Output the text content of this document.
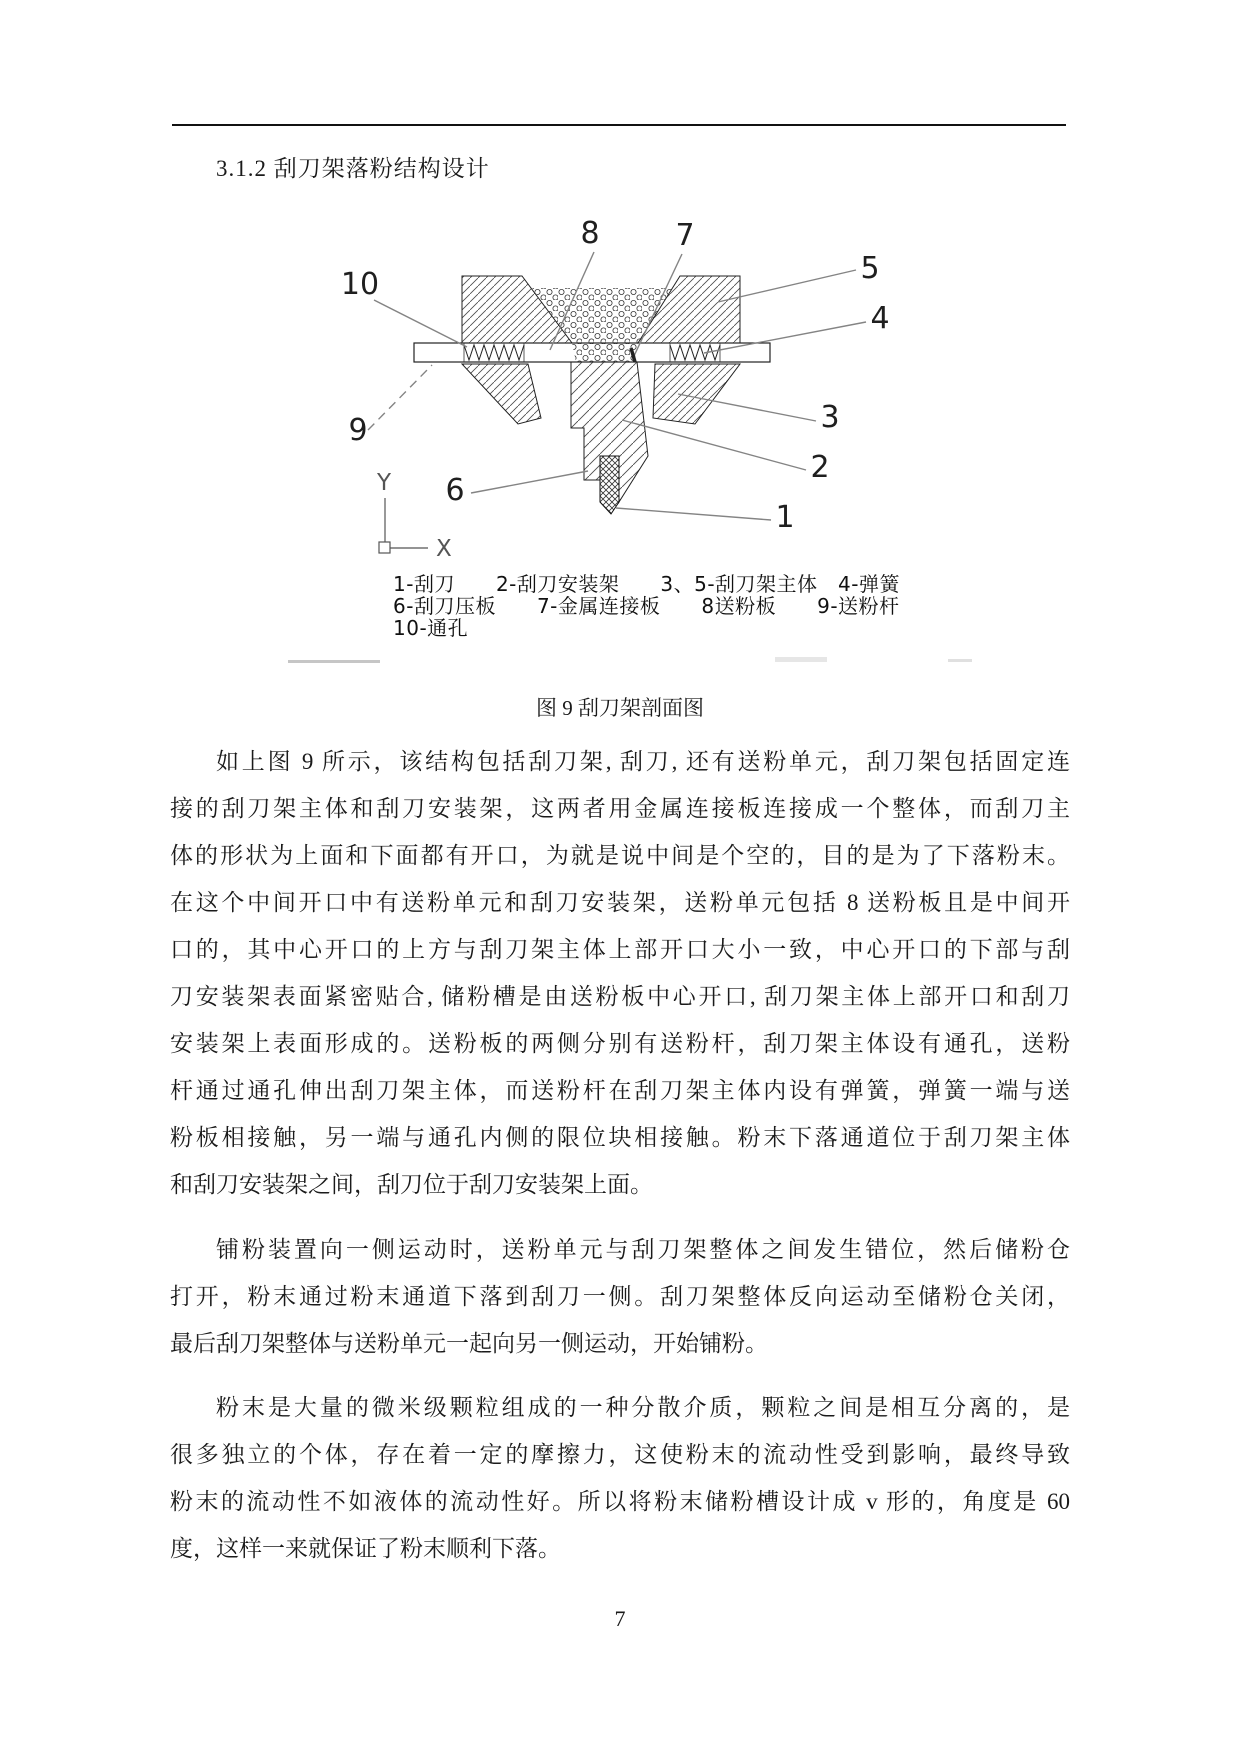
3.1.2 刮刀架落粉结构设计
8	7
5
4
3
2
1
6
9
10
Y
X
1-刮刀　　2-刮刀安装架　　3、5-刮刀架主体　4-弹簧
6-刮刀压板　　7-金属连接板　　8送粉板　　9-送粉杆
10-通孔
图 9 刮刀架剖面图
如上图 9 所示，该结构包括刮刀架, 刮刀, 还有送粉单元，刮刀架包括固定连
接的刮刀架主体和刮刀安装架，这两者用金属连接板连接成一个整体，而刮刀主
体的形状为上面和下面都有开口，为就是说中间是个空的，目的是为了下落粉末。
在这个中间开口中有送粉单元和刮刀安装架，送粉单元包括 8 送粉板且是中间开
口的，其中心开口的上方与刮刀架主体上部开口大小一致，中心开口的下部与刮
刀安装架表面紧密贴合, 储粉槽是由送粉板中心开口, 刮刀架主体上部开口和刮刀
安装架上表面形成的。送粉板的两侧分别有送粉杆，刮刀架主体设有通孔，送粉
杆通过通孔伸出刮刀架主体，而送粉杆在刮刀架主体内设有弹簧，弹簧一端与送
粉板相接触，另一端与通孔内侧的限位块相接触。粉末下落通道位于刮刀架主体
和刮刀安装架之间，刮刀位于刮刀安装架上面。
铺粉装置向一侧运动时，送粉单元与刮刀架整体之间发生错位，然后储粉仓
打开，粉末通过粉末通道下落到刮刀一侧。刮刀架整体反向运动至储粉仓关闭，
最后刮刀架整体与送粉单元一起向另一侧运动，开始铺粉。
粉末是大量的微米级颗粒组成的一种分散介质，颗粒之间是相互分离的，是
很多独立的个体，存在着一定的摩擦力，这使粉末的流动性受到影响，最终导致
粉末的流动性不如液体的流动性好。所以将粉末储粉槽设计成 v 形的，角度是 60
度，这样一来就保证了粉末顺利下落。
7
